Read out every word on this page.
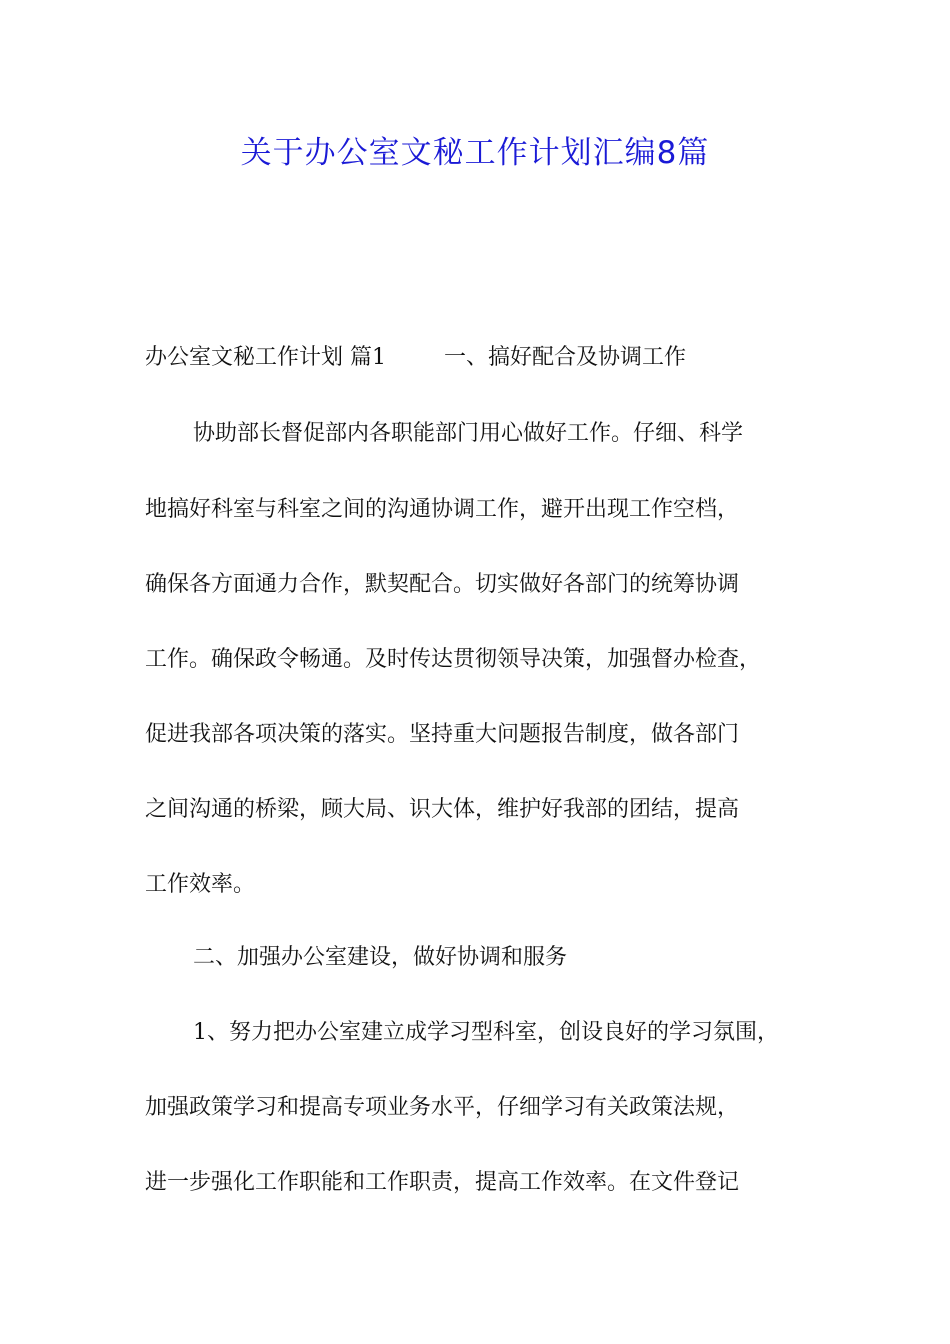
关于办公室文秘工作计划汇编8篇

办公室文秘工作计划 篇1	一、搞好配合及协调工作

协助部长督促部内各职能部门用心做好工作。仔细、科学

地搞好科室与科室之间的沟通协调工作，避开出现工作空档，

确保各方面通力合作，默契配合。切实做好各部门的统筹协调

工作。确保政令畅通。及时传达贯彻领导决策，加强督办检查，

促进我部各项决策的落实。坚持重大问题报告制度，做各部门

之间沟通的桥梁，顾大局、识大体，维护好我部的团结，提高

工作效率。

二、加强办公室建设，做好协调和服务

1、努力把办公室建立成学习型科室，创设良好的学习氛围，

加强政策学习和提高专项业务水平，仔细学习有关政策法规，

进一步强化工作职能和工作职责，提高工作效率。在文件登记
